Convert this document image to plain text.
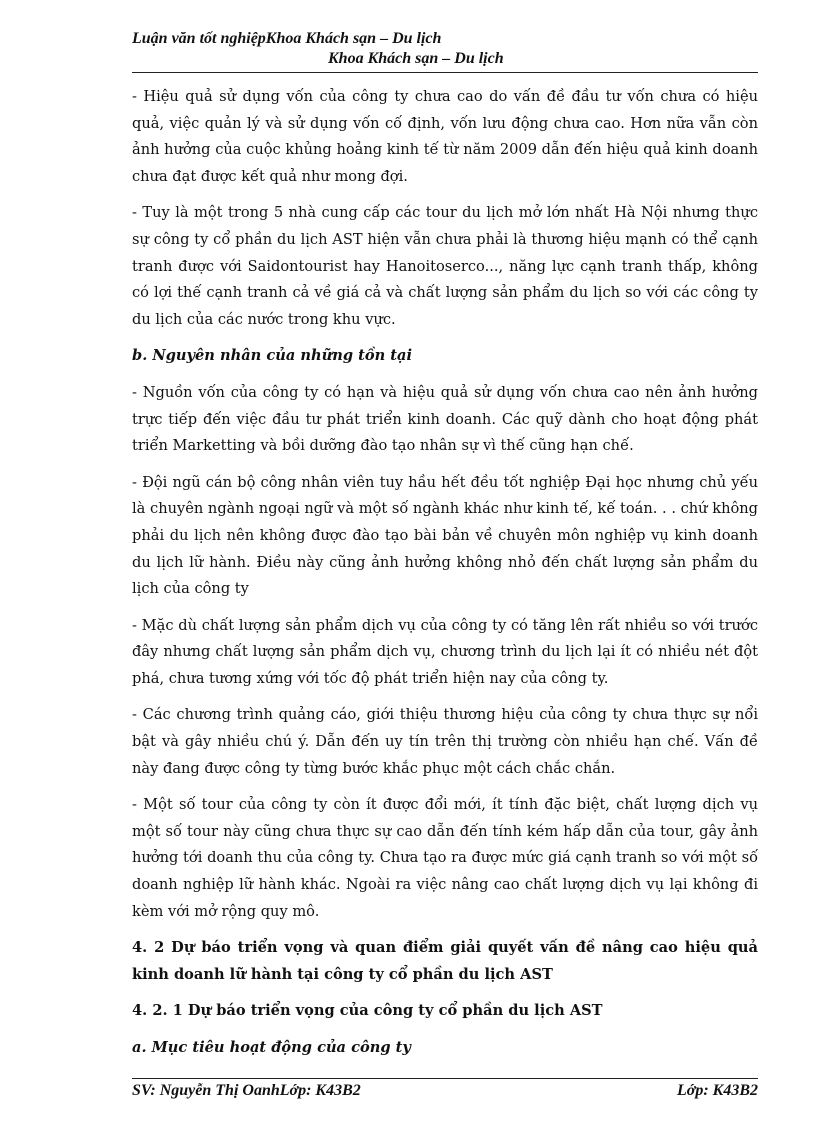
Luận văn tốt nghiệpKhoa Khách sạn – Du lịch
Khoa Khách sạn – Du lịch

- Hiệu quả sử dụng vốn của công ty chưa cao do vấn đề đầu tư vốn chưa có hiệu quả, việc quản lý và sử dụng vốn cố định, vốn lưu động chưa cao. Hơn nữa vẫn còn ảnh hưởng của cuộc khủng hoảng kinh tế từ năm 2009 dẫn đến hiệu quả kinh doanh chưa đạt được kết quả như mong đợi.

- Tuy là một trong 5 nhà cung cấp các tour du lịch mở lớn nhất Hà Nội nhưng thực sự công ty cổ phần du lịch AST hiện vẫn chưa phải là thương hiệu mạnh có thể cạnh tranh được với Saidontourist hay Hanoitoserco..., năng lực cạnh tranh thấp, không có lợi thế cạnh tranh cả về giá cả và chất lượng sản phẩm du lịch so với các công ty du lịch của các nước trong khu vực.

b. Nguyên nhân của những tồn tại

- Nguồn vốn của công ty có hạn và hiệu quả sử dụng vốn chưa cao nên ảnh hưởng trực tiếp đến việc đầu tư phát triển kinh doanh. Các quỹ dành cho hoạt động phát triển Marketting và bồi dưỡng đào tạo nhân sự vì thế cũng hạn chế.

- Đội ngũ cán bộ công nhân viên tuy hầu hết đều tốt nghiệp Đại học nhưng chủ yếu là chuyên ngành ngoại ngữ và một số ngành khác như kinh tế, kế toán. . . chứ không phải du lịch nên không được đào tạo bài bản về chuyên môn nghiệp vụ kinh doanh du lịch lữ hành. Điều này cũng ảnh hưởng không nhỏ đến chất lượng sản phẩm du lịch của công ty

- Mặc dù chất lượng sản phẩm dịch vụ của công ty có tăng lên rất nhiều so với trước đây nhưng chất lượng sản phẩm dịch vụ, chương trình du lịch lại ít có nhiều nét đột phá, chưa tương xứng với tốc độ phát triển hiện nay của công ty.

- Các chương trình quảng cáo, giới thiệu thương hiệu của công ty chưa thực sự nổi bật và gây nhiều chú ý. Dẫn đến uy tín trên thị trường còn nhiều hạn chế. Vấn đề này đang được công ty từng bước khắc phục một cách chắc chắn.

- Một số tour của công ty còn ít được đổi mới, ít tính đặc biệt, chất lượng dịch vụ một số tour này cũng chưa thực sự cao dẫn đến tính kém hấp dẫn của tour, gây ảnh hưởng tới doanh thu của công ty. Chưa tạo ra được mức giá cạnh tranh so với một số doanh nghiệp lữ hành khác. Ngoài ra việc nâng cao chất lượng dịch vụ lại không đi kèm với mở rộng quy mô.

4. 2 Dự báo triển vọng và quan điểm giải quyết vấn đề nâng cao hiệu quả kinh doanh lữ hành tại công ty cổ phần du lịch AST
4. 2. 1 Dự báo triển vọng của công ty cổ phần du lịch AST
a. Mục tiêu hoạt động của công ty
SV: Nguyễn Thị OanhLớp: K43B2	Lớp: K43B2
